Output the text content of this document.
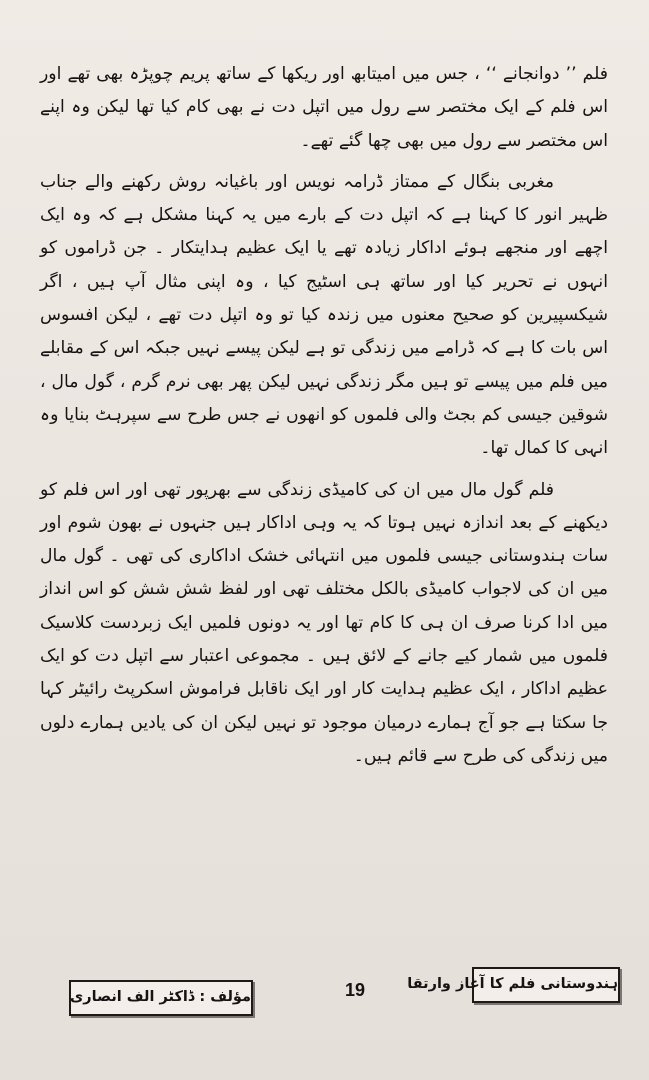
فلم ’’ دوانجانے ‘‘ ، جس میں امیتابھ اور ریکھا کے ساتھ پریم چوپڑہ بھی تھے اور اس فلم کے ایک مختصر سے رول میں اتپل دت نے بھی کام کیا تھا لیکن وہ اپنے اس مختصر سے رول میں بھی چھا گئے تھے۔

مغربی بنگال کے ممتاز ڈرامہ نویس اور باغیانہ روش رکھنے والے جناب ظہیر انور کا کہنا ہے کہ اتپل دت کے بارے میں یہ کہنا مشکل ہے کہ وہ ایک اچھے اور منجھے ہوئے اداکار زیادہ تھے یا ایک عظیم ہدایتکار ۔ جن ڈراموں کو انہوں نے تحریر کیا اور ساتھ ہی اسٹیج کیا ، وہ اپنی مثال آپ ہیں ، اگر شیکسپیرین کو صحیح معنوں میں زندہ کیا تو وہ اتپل دت تھے ، لیکن افسوس اس بات کا ہے کہ ڈرامے میں زندگی تو ہے لیکن پیسے نہیں جبکہ اس کے مقابلے میں فلم میں پیسے تو ہیں مگر زندگی نہیں لیکن پھر بھی نرم گرم ، گول مال ، شوقین جیسی کم بجٹ والی فلموں کو انھوں نے جس طرح سے سپرہٹ بنایا وہ انہی کا کمال تھا۔

فلم گول مال میں ان کی کامیڈی زندگی سے بھرپور تھی اور اس فلم کو دیکھنے کے بعد اندازہ نہیں ہوتا کہ یہ وہی اداکار ہیں جنہوں نے بھون شوم اور سات ہندوستانی جیسی فلموں میں انتہائی خشک اداکاری کی تھی ۔ گول مال میں ان کی لاجواب کامیڈی بالکل مختلف تھی اور لفظ شش شش کو اس انداز میں ادا کرنا صرف ان ہی کا کام تھا اور یہ دونوں فلمیں ایک زبردست کلاسیک فلموں میں شمار کیے جانے کے لائق ہیں ۔ مجموعی اعتبار سے اتپل دت کو ایک عظیم اداکار ، ایک عظیم ہدایت کار اور ایک ناقابل فراموش اسکرپٹ رائیٹر کہا جا سکتا ہے جو آج ہمارے درمیان موجود تو نہیں لیکن ان کی یادیں ہمارے دلوں میں زندگی کی طرح سے قائم ہیں۔

مؤلف : ڈاکٹر الف انصاری	19	ہندوستانی فلم کا آغاز وارتقا
